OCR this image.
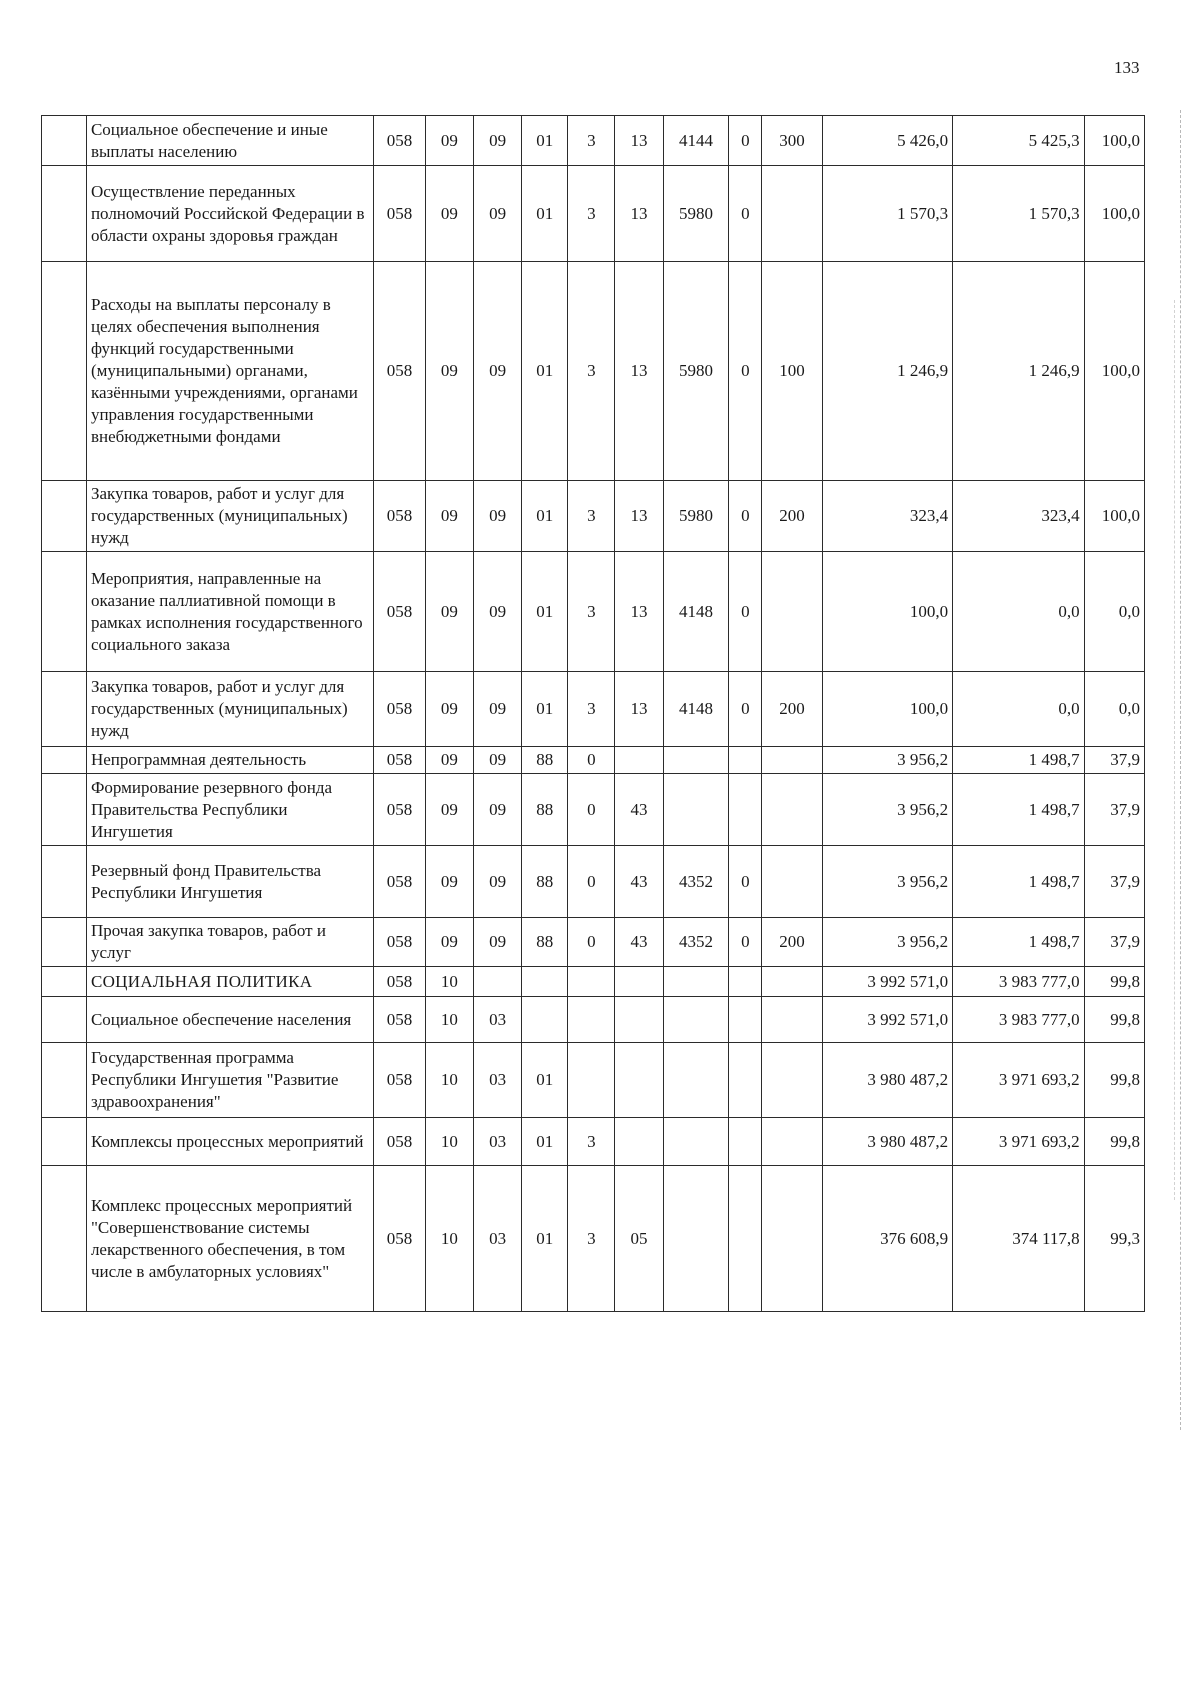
133
	Социальное обеспечение и иные выплаты населению	058	09	09	01	3	13	4144	0	300	5 426,0	5 425,3	100,0
	Осуществление переданных полномочий Российской Федерации в области охраны здоровья граждан	058	09	09	01	3	13	5980	0		1 570,3	1 570,3	100,0
	Расходы на выплаты персоналу в целях обеспечения выполнения функций государственными (муниципальными) органами, казёнными учреждениями, органами управления государственными внебюджетными фондами	058	09	09	01	3	13	5980	0	100	1 246,9	1 246,9	100,0
	Закупка товаров, работ и услуг для государственных (муниципальных) нужд	058	09	09	01	3	13	5980	0	200	323,4	323,4	100,0
	Мероприятия, направленные на оказание паллиативной помощи в рамках исполнения государственного социального заказа	058	09	09	01	3	13	4148	0		100,0	0,0	0,0
	Закупка товаров, работ и услуг для государственных (муниципальных) нужд	058	09	09	01	3	13	4148	0	200	100,0	0,0	0,0
	Непрограммная деятельность	058	09	09	88	0					3 956,2	1 498,7	37,9
	Формирование резервного фонда Правительства Республики Ингушетия	058	09	09	88	0	43				3 956,2	1 498,7	37,9
	Резервный фонд Правительства Республики Ингушетия	058	09	09	88	0	43	4352	0		3 956,2	1 498,7	37,9
	Прочая закупка товаров, работ и услуг	058	09	09	88	0	43	4352	0	200	3 956,2	1 498,7	37,9
	СОЦИАЛЬНАЯ ПОЛИТИКА	058	10								3 992 571,0	3 983 777,0	99,8
	Социальное обеспечение населения	058	10	03							3 992 571,0	3 983 777,0	99,8
	Государственная программа Республики Ингушетия "Развитие здравоохранения"	058	10	03	01						3 980 487,2	3 971 693,2	99,8
	Комплексы процессных мероприятий	058	10	03	01	3					3 980 487,2	3 971 693,2	99,8
	Комплекс процессных мероприятий "Совершенствование системы лекарственного обеспечения, в том числе в амбулаторных условиях"	058	10	03	01	3	05				376 608,9	374 117,8	99,3
